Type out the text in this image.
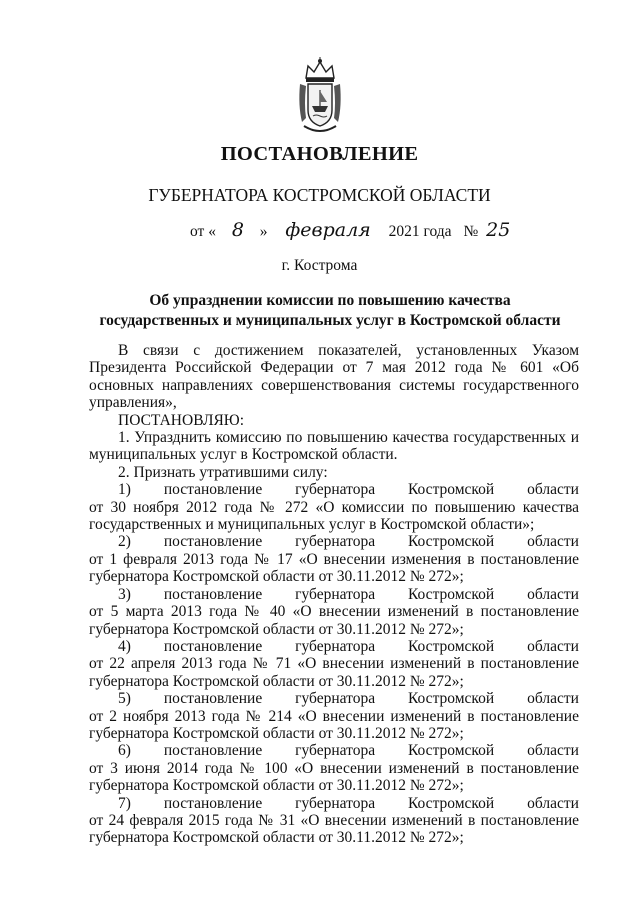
ПОСТАНОВЛЕНИЕ
ГУБЕРНАТОРА КОСТРОМСКОЙ ОБЛАСТИ
от « 8 » февраля 2021 года № 25
г. Кострома
Об упразднении комиссии по повышению качества
государственных и муниципальных услуг в Костромской области

В связи с достижением показателей, установленных Указом Президента Российской Федерации от 7 мая 2012 года № 601 «Об основных направлениях совершенствования системы государственного управления»,

ПОСТАНОВЛЯЮ:

1. Упразднить комиссию по повышению качества государственных и муниципальных услуг в Костромской области.

2. Признать утратившими силу:

1) постановление губернатора Костромской области

от 30 ноября 2012 года № 272 «О комиссии по повышению качества государственных и муниципальных услуг в Костромской области»;

2) постановление губернатора Костромской области

от 1 февраля 2013 года № 17 «О внесении изменения в постановление губернатора Костромской области от 30.11.2012 № 272»;

3) постановление губернатора Костромской области

от 5 марта 2013 года № 40 «О внесении изменений в постановление губернатора Костромской области от 30.11.2012 № 272»;

4) постановление губернатора Костромской области

от 22 апреля 2013 года № 71 «О внесении изменений в постановление губернатора Костромской области от 30.11.2012 № 272»;

5) постановление губернатора Костромской области

от 2 ноября 2013 года № 214 «О внесении изменений в постановление губернатора Костромской области от 30.11.2012 № 272»;

6) постановление губернатора Костромской области

от 3 июня 2014 года № 100 «О внесении изменений в постановление губернатора Костромской области от 30.11.2012 № 272»;

7) постановление губернатора Костромской области

от 24 февраля 2015 года № 31 «О внесении изменений в постановление губернатора Костромской области от 30.11.2012 № 272»;
